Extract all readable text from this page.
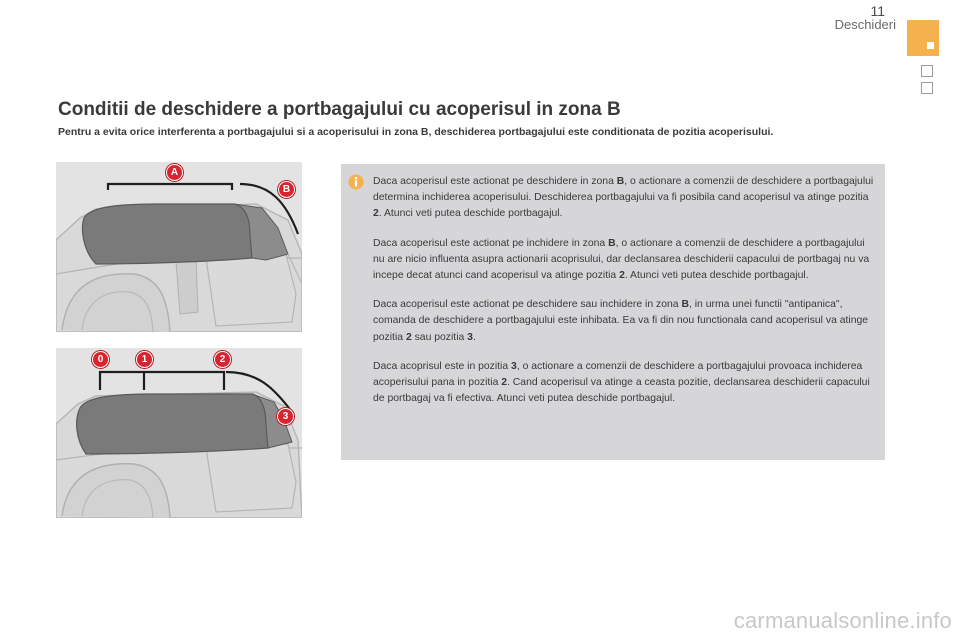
11
Deschideri
Conditii de deschidere a portbagajului cu acoperisul in zona B

Pentru a evita orice interferenta a portbagajului si a acoperisului in zona B, deschiderea portbagajului este conditionata de pozitia acoperisului.

A
B
0	1	2
3

Daca acoperisul este actionat pe deschidere in zona B, o actionare a comenzii de deschidere a portbagajului determina inchiderea acoperisului. Deschiderea portbagajului va fi posibila cand acoperisul va atinge pozitia 2. Atunci veti putea deschide portbagajul.

Daca acoperisul este actionat pe inchidere in zona B, o actionare a comenzii de deschidere a portbagajului nu are nicio influenta asupra actionarii acoprisului, dar declansarea deschiderii capacului de portbagaj nu va incepe decat atunci cand acoperisul va atinge pozitia 2. Atunci veti putea deschide portbagajul.

Daca acoperisul este actionat pe deschidere sau inchidere in zona B, in urma unei functii "antipanica", comanda de deschidere a portbagajului este inhibata. Ea va fi din nou functionala cand acoperisul va atinge pozitia 2 sau pozitia 3.

Daca acoprisul este in pozitia 3, o actionare a comenzii de deschidere a portbagajului provoaca inchiderea acoperisului pana in pozitia 2. Cand acoperisul va atinge a ceasta pozitie, declansarea deschiderii capacului de portbagaj va fi efectiva. Atunci veti putea deschide portbagajul.

carmanualsonline.info
